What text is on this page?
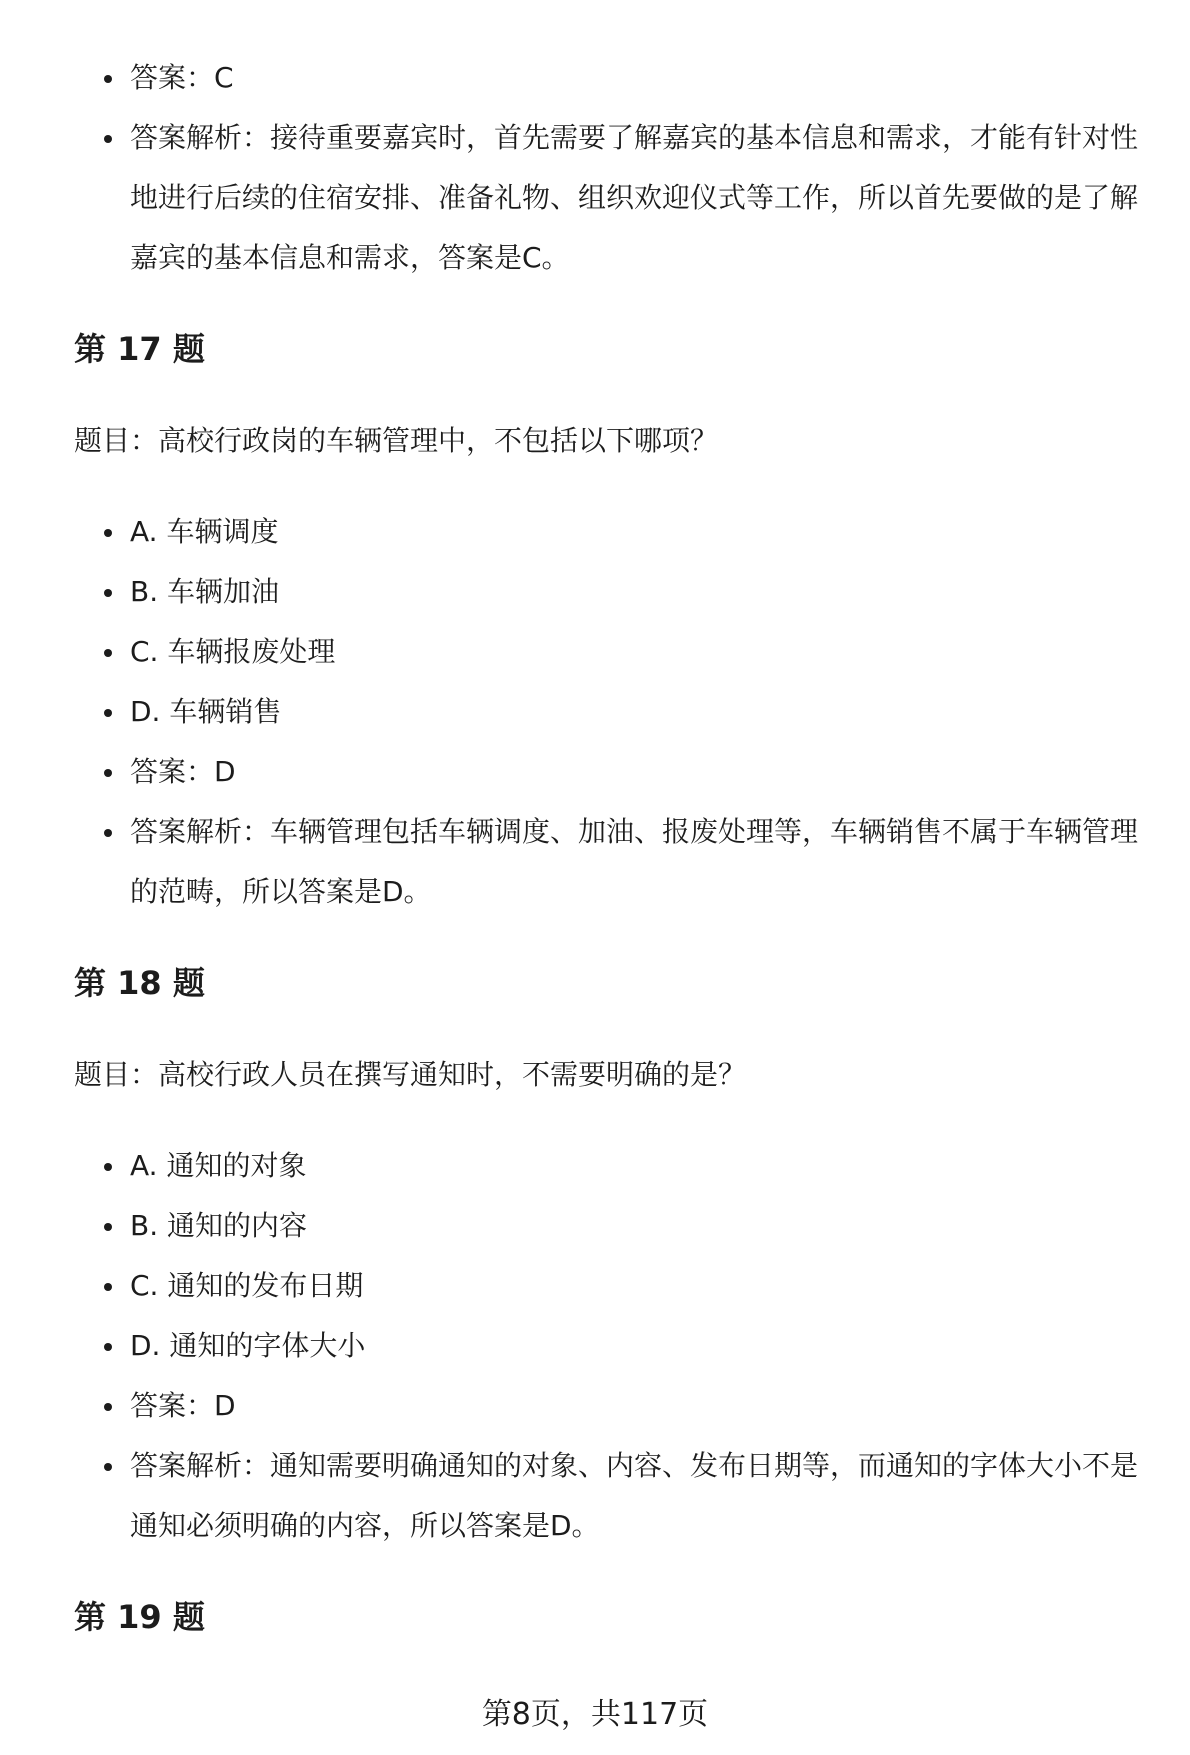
答案：C
答案解析：接待重要嘉宾时，首先需要了解嘉宾的基本信息和需求，才能有针对性地进行后续的住宿安排、准备礼物、组织欢迎仪式等工作，所以首先要做的是了解嘉宾的基本信息和需求，答案是C。
第 17 题

题目：高校行政岗的车辆管理中，不包括以下哪项？

A. 车辆调度
B. 车辆加油
C. 车辆报废处理
D. 车辆销售
答案：D
答案解析：车辆管理包括车辆调度、加油、报废处理等，车辆销售不属于车辆管理的范畴，所以答案是D。
第 18 题

题目：高校行政人员在撰写通知时，不需要明确的是？

A. 通知的对象
B. 通知的内容
C. 通知的发布日期
D. 通知的字体大小
答案：D
答案解析：通知需要明确通知的对象、内容、发布日期等，而通知的字体大小不是通知必须明确的内容，所以答案是D。
第 19 题
第8页，共117页
